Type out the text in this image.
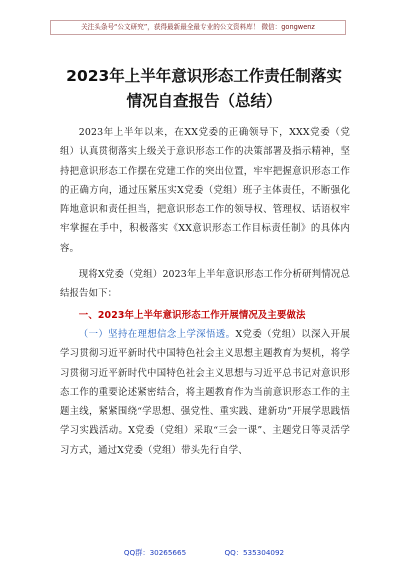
关注头条号“公文研究”，获得最新最全最专业的公文资料库！ 微信：gongwenz
2023年上半年意识形态工作责任制落实
情况自查报告（总结）

2023年上半年以来，在XX党委的正确领导下，XXX党委（党组）认真贯彻落实上级关于意识形态工作的决策部署及指示精神，坚持把意识形态工作摆在党建工作的突出位置，牢牢把握意识形态工作的正确方向，通过压紧压实X党委（党组）班子主体责任，不断强化阵地意识和责任担当，把意识形态工作的领导权、管理权、话语权牢牢掌握在手中，积极落实《XX意识形态工作目标责任制》的具体内容。

现将X党委（党组）2023年上半年意识形态工作分析研判情况总结报告如下：

一、2023年上半年意识形态工作开展情况及主要做法

（一）坚持在理想信念上学深悟透。X党委（党组）以深入开展学习贯彻习近平新时代中国特色社会主义思想主题教育为契机，将学习贯彻习近平新时代中国特色社会主义思想与习近平总书记对意识形态工作的重要论述紧密结合，将主题教育作为当前意识形态工作的主题主线，紧紧围绕“学思想、强党性、重实践、建新功”开展学思践悟学习实践活动。X党委（党组）采取“三会一课”、主题党日等灵活学习方式，通过X党委（党组）带头先行自学、

QQ群：30265665	QQ：535304092
